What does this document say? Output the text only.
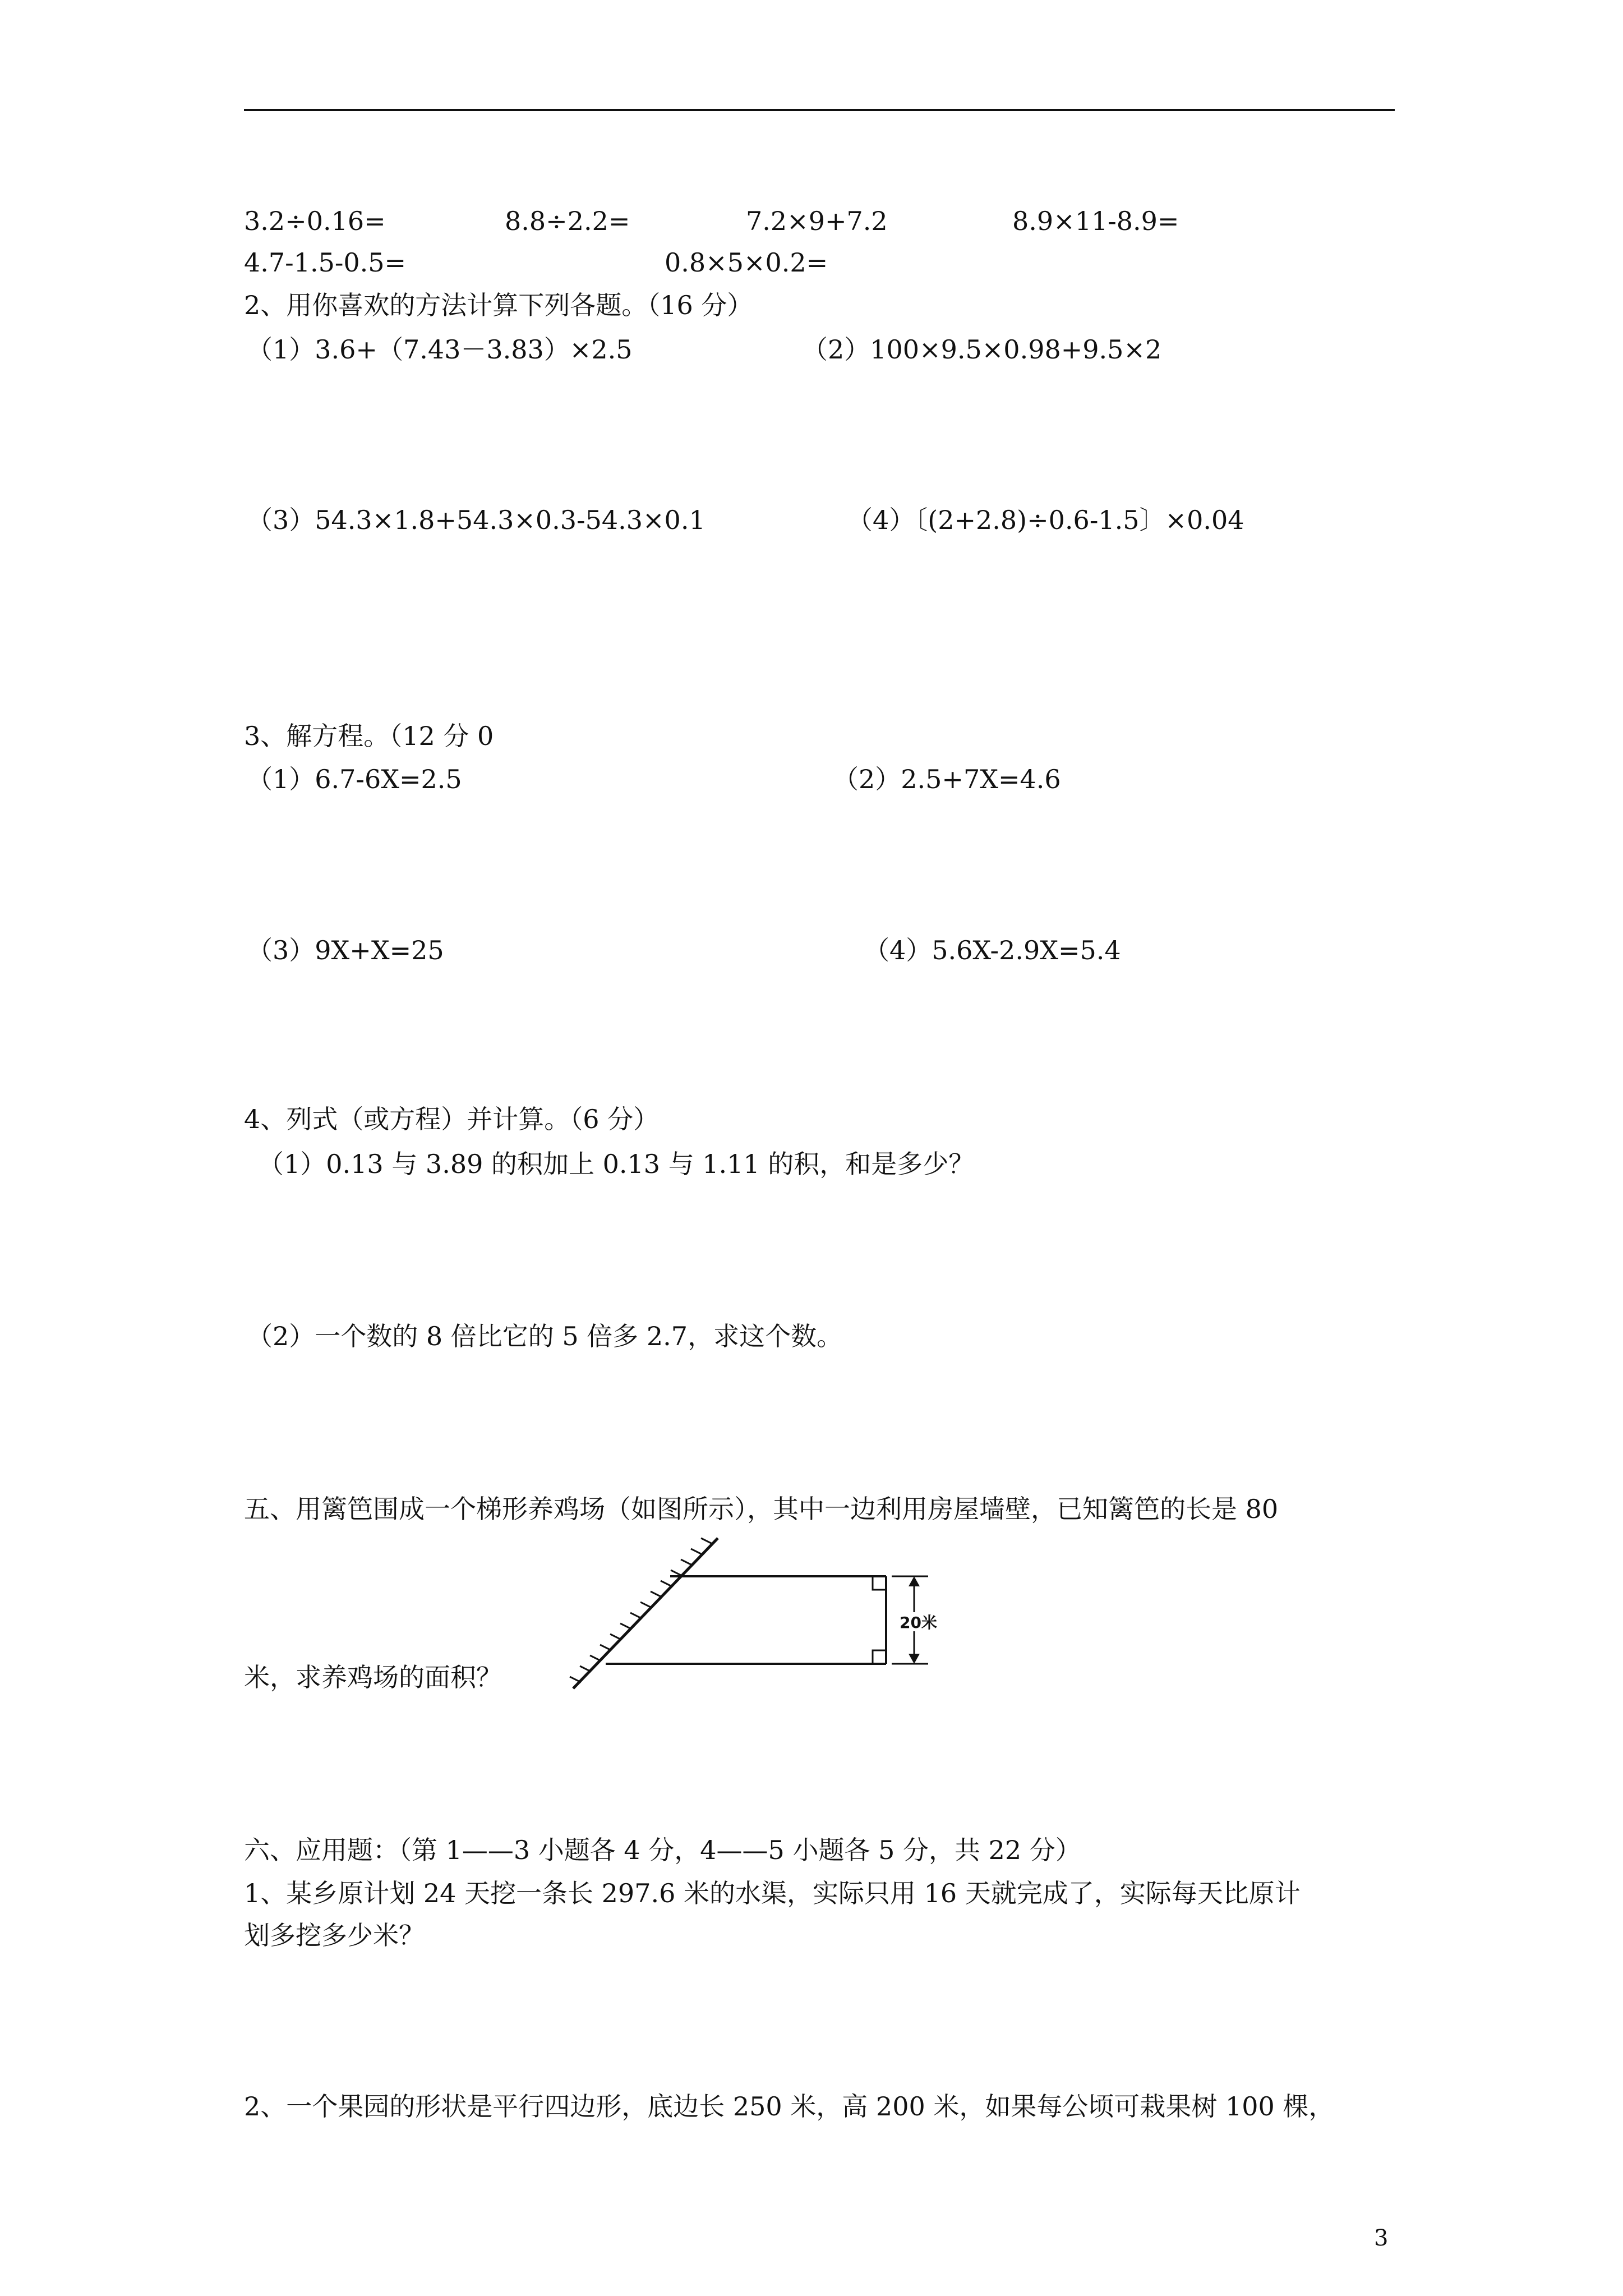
3.2÷0.16=	8.8÷2.2=	7.2×9+7.2	8.9×11-8.9=
4.7-1.5-0.5=	0.8×5×0.2=
2、用你喜欢的方法计算下列各题。（16 分）
（1）3.6+（7.43－3.83）×2.5	（2）100×9.5×0.98+9.5×2
（3）54.3×1.8+54.3×0.3-54.3×0.1	（4）〔(2+2.8)÷0.6-1.5〕×0.04
3、解方程。（12 分 0
（1）6.7-6X=2.5	（2）2.5+7X=4.6
（3）9X+X=25	（4）5.6X-2.9X=5.4
4、列式（或方程）并计算。（6 分）
（1）0.13 与 3.89 的积加上 0.13 与 1.11 的积，和是多少？
（2）一个数的 8 倍比它的 5 倍多 2.7，求这个数。
五、用篱笆围成一个梯形养鸡场（如图所示），其中一边利用房屋墙壁，已知篱笆的长是 80
20米
米，求养鸡场的面积？
六、应用题：（第 1——3 小题各 4 分，4——5 小题各 5 分，共 22 分）
1、某乡原计划 24 天挖一条长 297.6 米的水渠，实际只用 16 天就完成了，实际每天比原计
划多挖多少米？
2、一个果园的形状是平行四边形，底边长 250 米，高 200 米，如果每公顷可栽果树 100 棵，
3
